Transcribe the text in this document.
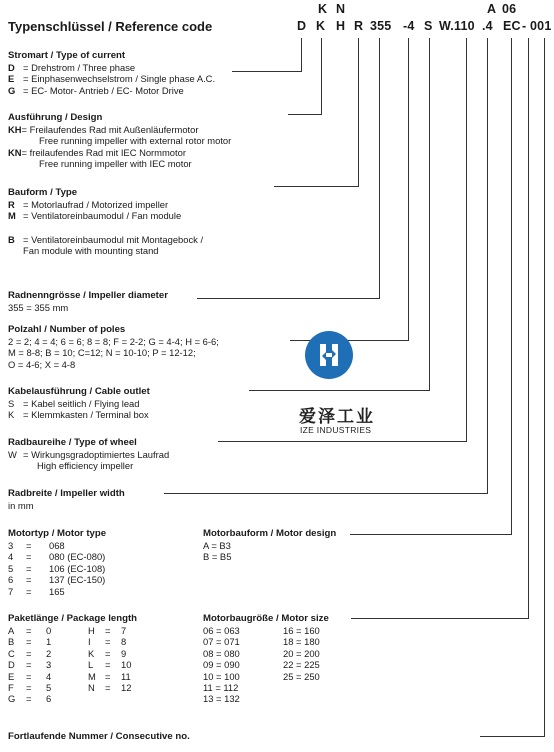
Typenschlüssel / Reference code
K N	A 06
D K H R 355 -4 S W.110 .4 EC - 001
Stromart / Type of current
D = Drehstrom / Three phase
E = Einphasenwechselstrom / Single phase A.C.
G = EC- Motor- Antrieb / EC- Motor Drive
Ausführung / Design
KH= Freilaufendes Rad mit Außenläufermotor
Free running impeller with external rotor motor
KN= freilaufendes Rad mit IEC Normmotor
Free running impeller with IEC motor
Bauform / Type
R = Motorlaufrad / Motorized impeller
M = Ventilatoreinbaumodul / Fan module
B = Ventilatoreinbaumodul mit Montagebock /
Fan module with mounting stand
Radnenngrösse / Impeller diameter
355 = 355 mm
Polzahl / Number of poles
2 = 2; 4 = 4; 6 = 6; 8 = 8; F = 2-2; G = 4-4; H = 6-6;
M = 8-8; B = 10; C=12; N = 10-10; P = 12-12;
O = 4-6; X = 4-8
Kabelausführung / Cable outlet
S = Kabel seitlich / Flying lead
K = Klemmkasten / Terminal box
Radbaureihe / Type of wheel
W = Wirkungsgradoptimiertes Laufrad
High efficiency impeller
Radbreite / Impeller width
in mm
Motortyp / Motor type
3 = 068
4 = 080 (EC-080)
5 = 106 (EC-108)
6 = 137 (EC-150)
7 = 165
Motorbauform / Motor design
A = B3
B = B5
Paketlänge / Package length
A = 0
B = 1
C = 2
D = 3
E = 4
F = 5
G = 6
H = 7
I = 8
K = 9
L = 10
M = 11
N = 12
Motorbaugröße / Motor size
06 = 063
07 = 071
08 = 080
09 = 090
10 = 100
11 = 112
13 = 132
16 = 160
18 = 180
20 = 200
22 = 225
25 = 250
Fortlaufende Nummer / Consecutive no.
爱泽工业
IZE INDUSTRIES
